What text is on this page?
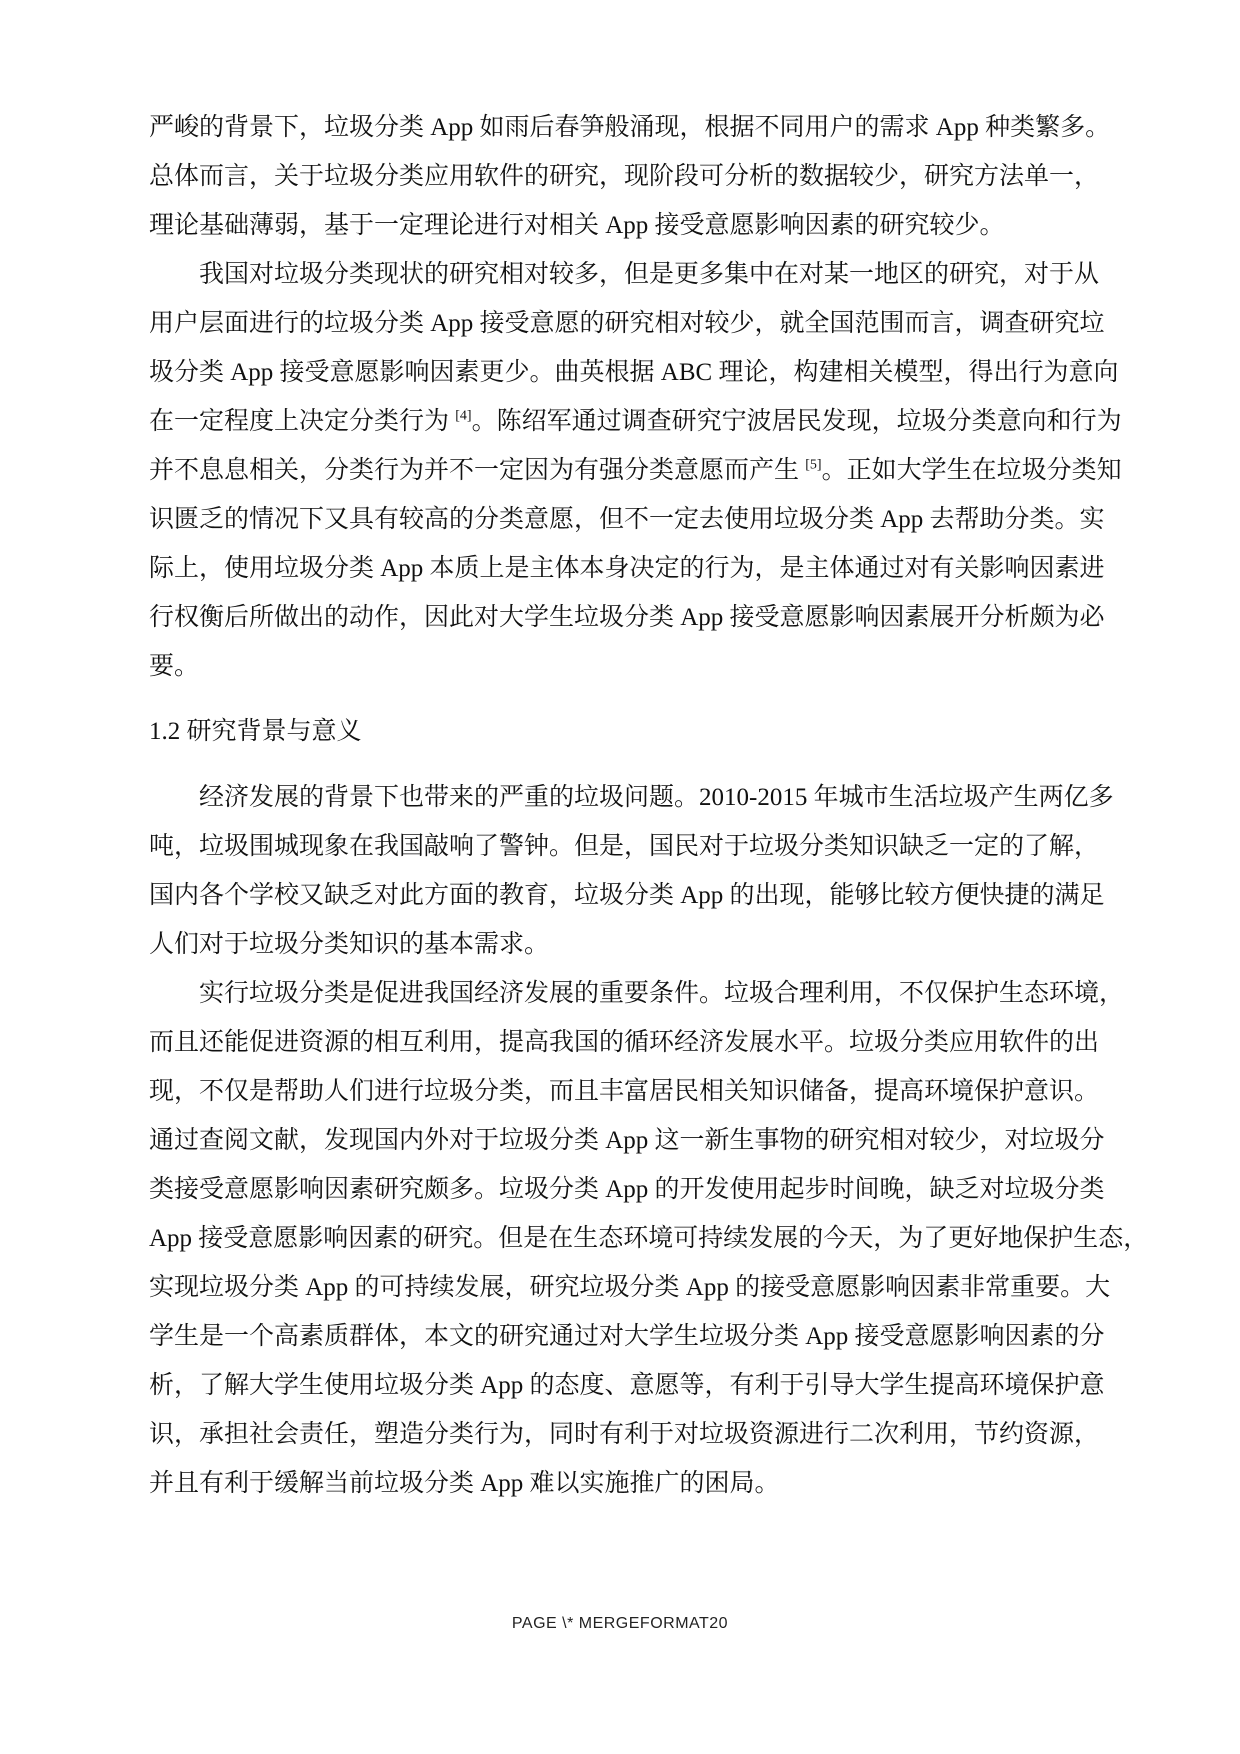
严峻的背景下，垃圾分类 App 如雨后春笋般涌现，根据不同用户的需求 App 种类繁多。

总体而言，关于垃圾分类应用软件的研究，现阶段可分析的数据较少，研究方法单一，

理论基础薄弱，基于一定理论进行对相关 App 接受意愿影响因素的研究较少。

我国对垃圾分类现状的研究相对较多，但是更多集中在对某一地区的研究，对于从

用户层面进行的垃圾分类 App 接受意愿的研究相对较少，就全国范围而言，调查研究垃

圾分类 App 接受意愿影响因素更少。曲英根据 ABC 理论，构建相关模型，得出行为意向

在一定程度上决定分类行为 [4]。陈绍军通过调查研究宁波居民发现，垃圾分类意向和行为

并不息息相关，分类行为并不一定因为有强分类意愿而产生 [5]。正如大学生在垃圾分类知

识匮乏的情况下又具有较高的分类意愿，但不一定去使用垃圾分类 App 去帮助分类。实

际上，使用垃圾分类 App 本质上是主体本身决定的行为，是主体通过对有关影响因素进

行权衡后所做出的动作，因此对大学生垃圾分类 App 接受意愿影响因素展开分析颇为必

要。

1.2 研究背景与意义

经济发展的背景下也带来的严重的垃圾问题。2010-2015 年城市生活垃圾产生两亿多

吨，垃圾围城现象在我国敲响了警钟。但是，国民对于垃圾分类知识缺乏一定的了解，

国内各个学校又缺乏对此方面的教育，垃圾分类 App 的出现，能够比较方便快捷的满足

人们对于垃圾分类知识的基本需求。

实行垃圾分类是促进我国经济发展的重要条件。垃圾合理利用，不仅保护生态环境，

而且还能促进资源的相互利用，提高我国的循环经济发展水平。垃圾分类应用软件的出

现，不仅是帮助人们进行垃圾分类，而且丰富居民相关知识储备，提高环境保护意识。

通过查阅文献，发现国内外对于垃圾分类 App 这一新生事物的研究相对较少，对垃圾分

类接受意愿影响因素研究颇多。垃圾分类 App 的开发使用起步时间晚，缺乏对垃圾分类

App 接受意愿影响因素的研究。但是在生态环境可持续发展的今天，为了更好地保护生态，

实现垃圾分类 App 的可持续发展，研究垃圾分类 App 的接受意愿影响因素非常重要。大

学生是一个高素质群体，本文的研究通过对大学生垃圾分类 App 接受意愿影响因素的分

析，了解大学生使用垃圾分类 App 的态度、意愿等，有利于引导大学生提高环境保护意

识，承担社会责任，塑造分类行为，同时有利于对垃圾资源进行二次利用，节约资源，

并且有利于缓解当前垃圾分类 App 难以实施推广的困局。

PAGE \* MERGEFORMAT20
